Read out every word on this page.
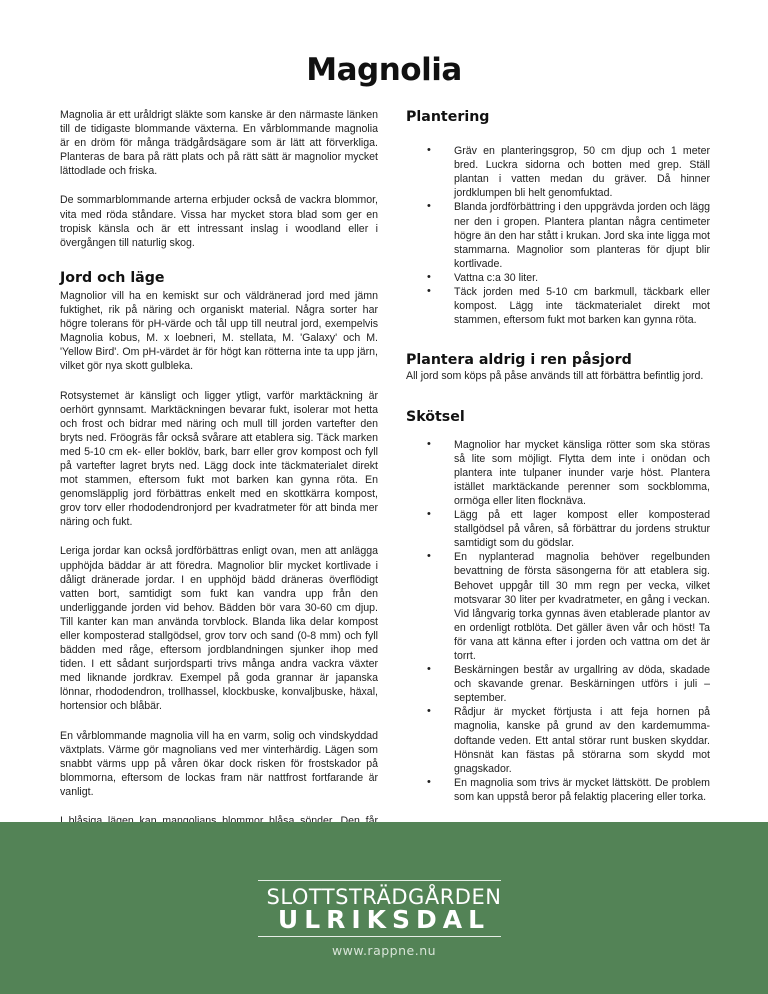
Magnolia

Magnolia är ett uråldrigt släkte som kanske är den närmaste länken till de tidigaste blommande växterna. En vårblommande magnolia är en dröm för många trädgårdsägare som är lätt att förverkliga. Planteras de bara på rätt plats och på rätt sätt är magnolior mycket lättodlade och friska.

De sommarblommande arterna erbjuder också de vackra blommor, vita med röda ståndare. Vissa har mycket stora blad som ger en tropisk känsla och är ett intressant inslag i woodland eller i övergången till naturlig skog.

Jord och läge

Magnolior vill ha en kemiskt sur och väldränerad jord med jämn fuktighet, rik på näring och organiskt material. Några sorter har högre tolerans för pH-värde och tål upp till neutral jord, exempelvis Magnolia kobus, M. x loebneri, M. stellata, M. 'Galaxy' och M. 'Yellow Bird'. Om pH-värdet är för högt kan rötterna inte ta upp järn, vilket gör nya skott gulbleka.

Rotsystemet är känsligt och ligger ytligt, varför marktäckning är oerhört gynnsamt. Marktäckningen bevarar fukt, isolerar mot hetta och frost och bidrar med näring och mull till jorden vartefter den bryts ned. Fröogräs får också svårare att etablera sig. Täck marken med 5-10 cm ek- eller boklöv, bark, barr eller grov kompost och fyll på vartefter lagret bryts ned. Lägg dock inte täckmaterialet direkt mot stammen, eftersom fukt mot barken kan gynna röta. En genomsläpplig jord förbättras enkelt med en skottkärra kompost, grov torv eller rhododendronjord per kvadratmeter för att binda mer näring och fukt.

Leriga jordar kan också jordförbättras enligt ovan, men att anlägga upphöjda bäddar är att föredra. Magnolior blir mycket kortlivade i dåligt dränerade jordar. I en upphöjd bädd dräneras överflödigt vatten bort, samtidigt som fukt kan vandra upp från den underliggande jorden vid behov. Bädden bör vara 30-60 cm djup. Till kanter kan man använda torvblock. Blanda lika delar kompost eller komposterad stallgödsel, grov torv och sand (0-8 mm) och fyll bädden med råge, eftersom jordblandningen sjunker ihop med tiden. I ett sådant surjordsparti trivs många andra vackra växter med liknande jordkrav. Exempel på goda grannar är japanska lönnar, rhododendron, trollhassel, klockbuske, konvaljbuske, häxal, hortensior och blåbär.

En vårblommande magnolia vill ha en varm, solig och vindskyddad växtplats. Värme gör magnolians ved mer vinterhärdig. Lägen som snabbt värms upp på våren ökar dock risken för frostskador på blommorna, eftersom de lockas fram när nattfrost fortfarande är vanligt.

Plantering
• Gräv en planteringsgrop, 50 cm djup och 1 meter bred. Luckra sidorna och botten med grep. Ställ plantan i vatten medan du gräver. Då hinner jordklumpen bli helt genomfuktad.
• Blanda jordförbättring i den uppgrävda jorden och lägg ner den i gropen. Plantera plantan några centimeter högre än den har stått i krukan. Jord ska inte ligga mot stammarna. Magnolior som planteras för djupt blir kortlivade.
• Vattna c:a 30 liter.
• Täck jorden med 5-10 cm barkmull, täckbark eller kompost. Lägg inte täckmaterialet direkt mot stammen, eftersom fukt mot barken kan gynna röta.
Plantera aldrig i ren påsjord

All jord som köps på påse används till att förbättra befintlig jord.

Skötsel
• Magnolior har mycket känsliga rötter som ska störas så lite som möjligt. Flytta dem inte i onödan och plantera inte tulpaner inunder varje höst. Plantera istället marktäckande perenner som sockblomma, ormöga eller liten flocknäva.
• Lägg på ett lager kompost eller komposterad stallgödsel på våren, så förbättrar du jordens struktur samtidigt som du gödslar.
• En nyplanterad magnolia behöver regelbunden bevattning de första säsongerna för att etablera sig. Behovet uppgår till 30 mm regn per vecka, vilket motsvarar 30 liter per kvadratmeter, en gång i veckan. Vid långvarig torka gynnas även etablerade plantor av en ordenligt rotblöta. Det gäller även vår och höst! Ta för vana att känna efter i jorden och vattna om det är torrt.
• Beskärningen består av urgallring av döda, skadade och skavande grenar. Beskärningen utförs i juli – september.
• Rådjur är mycket förtjusta i att feja hornen på magnolia, kanske på grund av den kardemumma-doftande veden. Ett antal störar runt busken skyddar. Hönsnät kan fästas på störarna som skydd mot gnagskador.
• En magnolia som trivs är mycket lättskött. De problem som kan uppstå beror på felaktig placering eller torka.
SLOTTSTRÄDGÅRDEN
ULRIKSDAL
www.rappne.nu
